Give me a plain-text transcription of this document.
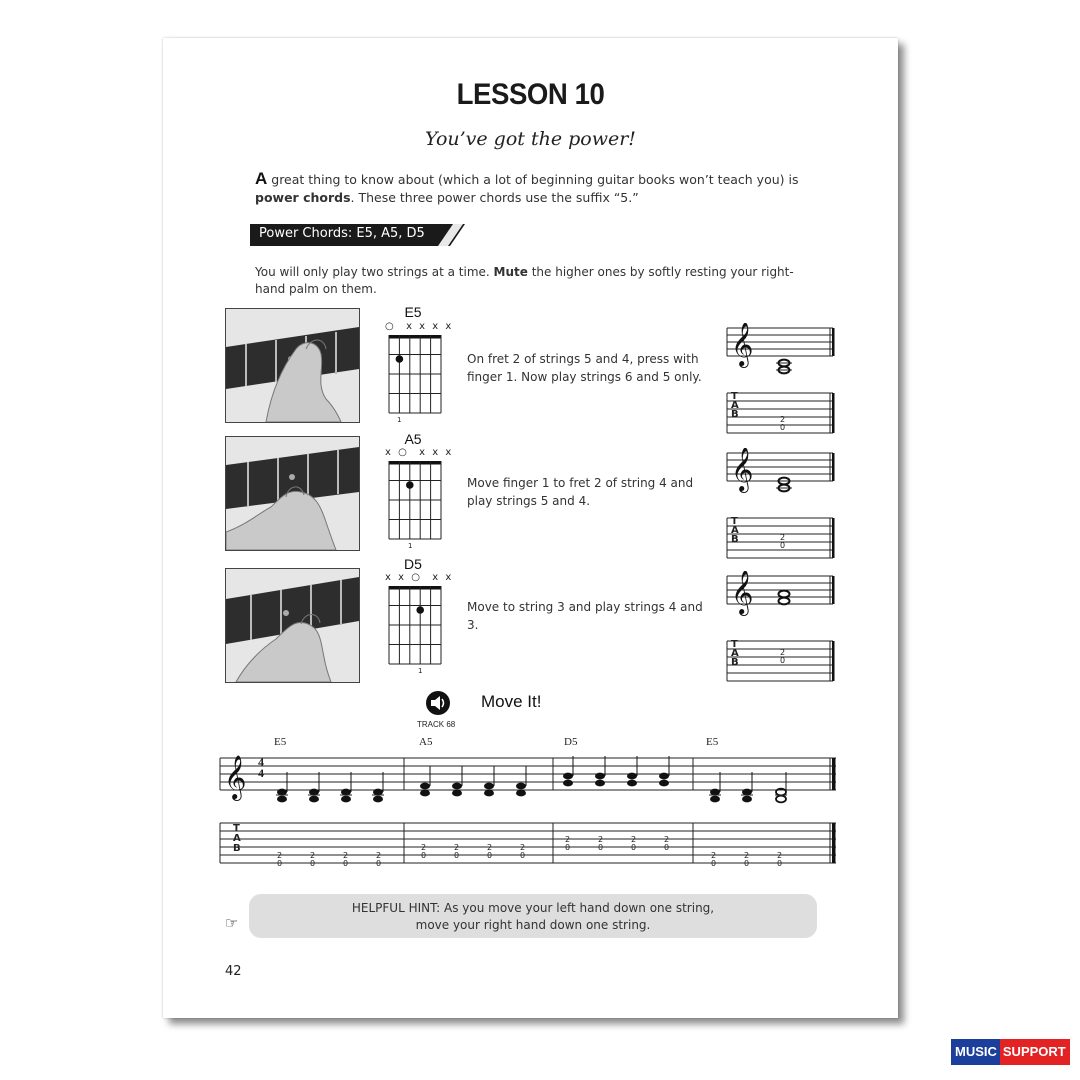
LESSON 10
You’ve got the power!
A great thing to know about (which a lot of beginning guitar books won’t teach you) is power chords. These three power chords use the suffix “5.”
Power Chords: E5, A5, D5
You will only play two strings at a time. Mute the higher ones by softly resting your right-hand palm on them.
E5
○  x x x x
1
On fret 2 of strings 5 and 4, press with finger 1. Now play strings 6 and 5 only.
A5
x ○  x x x
1
Move finger 1 to fret 2 of string 4 and play strings 5 and 4.
D5
x x ○  x x
1
Move to string 3 and play strings 4 and 3.
𝄞
T
A
B	2
0
𝄞
T
A
B	2
0
𝄞
T
A
B
2
0
TRACK 68
Move It!
E5	A5	D5	E5
𝄞 4
4
T
A
B
2
0
2
0
2
0
2
0
2
0
2
0
2
0
2
0
2
0
2
0
2
0
2
0
2
0
2
0
2
0
HELPFUL HINT: As you move your left hand down one string,
move your right hand down one string.
☞
42
MUSIC SUPPORT
